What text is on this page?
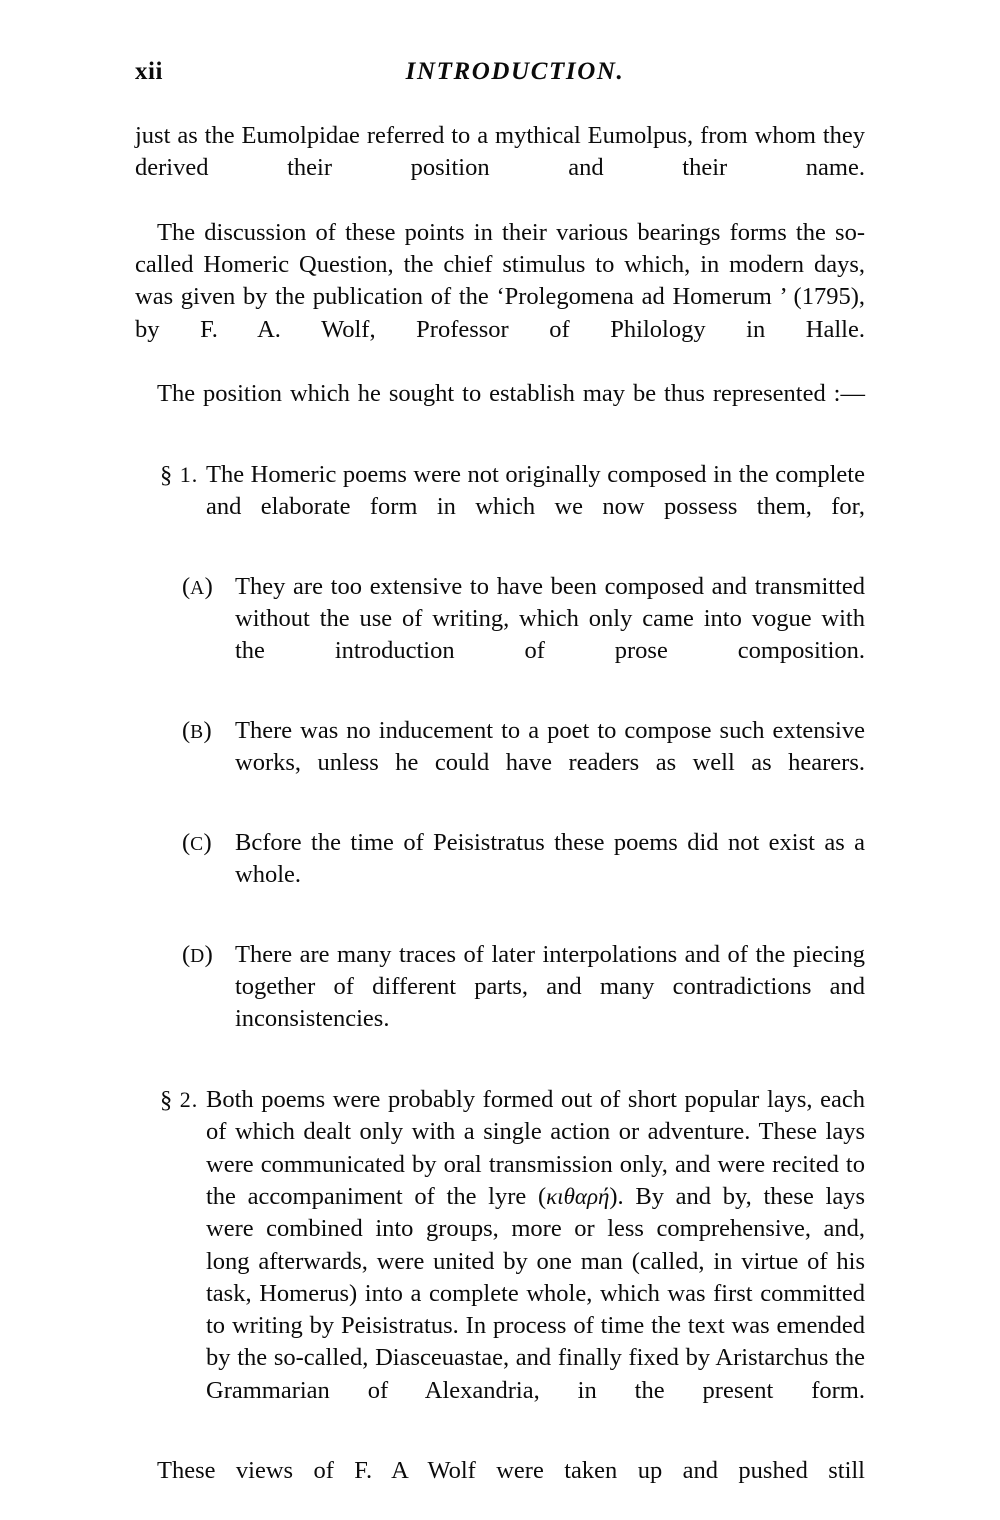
xii	INTRODUCTION.

just as the Eumolpidae referred to a mythical Eumolpus, from whom they derived their position and their name.

The discussion of these points in their various bearings forms the so-called Homeric Question, the chief stimulus to which, in modern days, was given by the publication of the ‘Prolegomena ad Homerum ’ (1795), by F. A. Wolf, Professor of Philology in Halle.

The position which he sought to establish may be thus represented :—

§ 1. The Homeric poems were not originally composed in the complete and elaborate form in which we now possess them, for,
(A) They are too extensive to have been composed and transmitted without the use of writing, which only came into vogue with the introduction of prose composition.
(B) There was no inducement to a poet to compose such extensive works, unless he could have readers as well as hearers.
(C) Bcfore the time of Peisistratus these poems did not exist as a whole.
(D) There are many traces of later interpolations and of the piecing together of different parts, and many contradictions and inconsistencies.
§ 2. Both poems were probably formed out of short popular lays, each of which dealt only with a single action or adventure. These lays were communicated by oral transmission only, and were recited to the accompaniment of the lyre (κιθαρή). By and by, these lays were combined into groups, more or less comprehensive, and, long afterwards, were united by one man (called, in virtue of his task, Homerus) into a complete whole, which was first committed to writing by Peisistratus. In process of time the text was emended by the so-called, Diasceuastae, and finally fixed by Aristarchus the Grammarian of Alexandria, in the present form.

These views of F. A Wolf were taken up and pushed still
